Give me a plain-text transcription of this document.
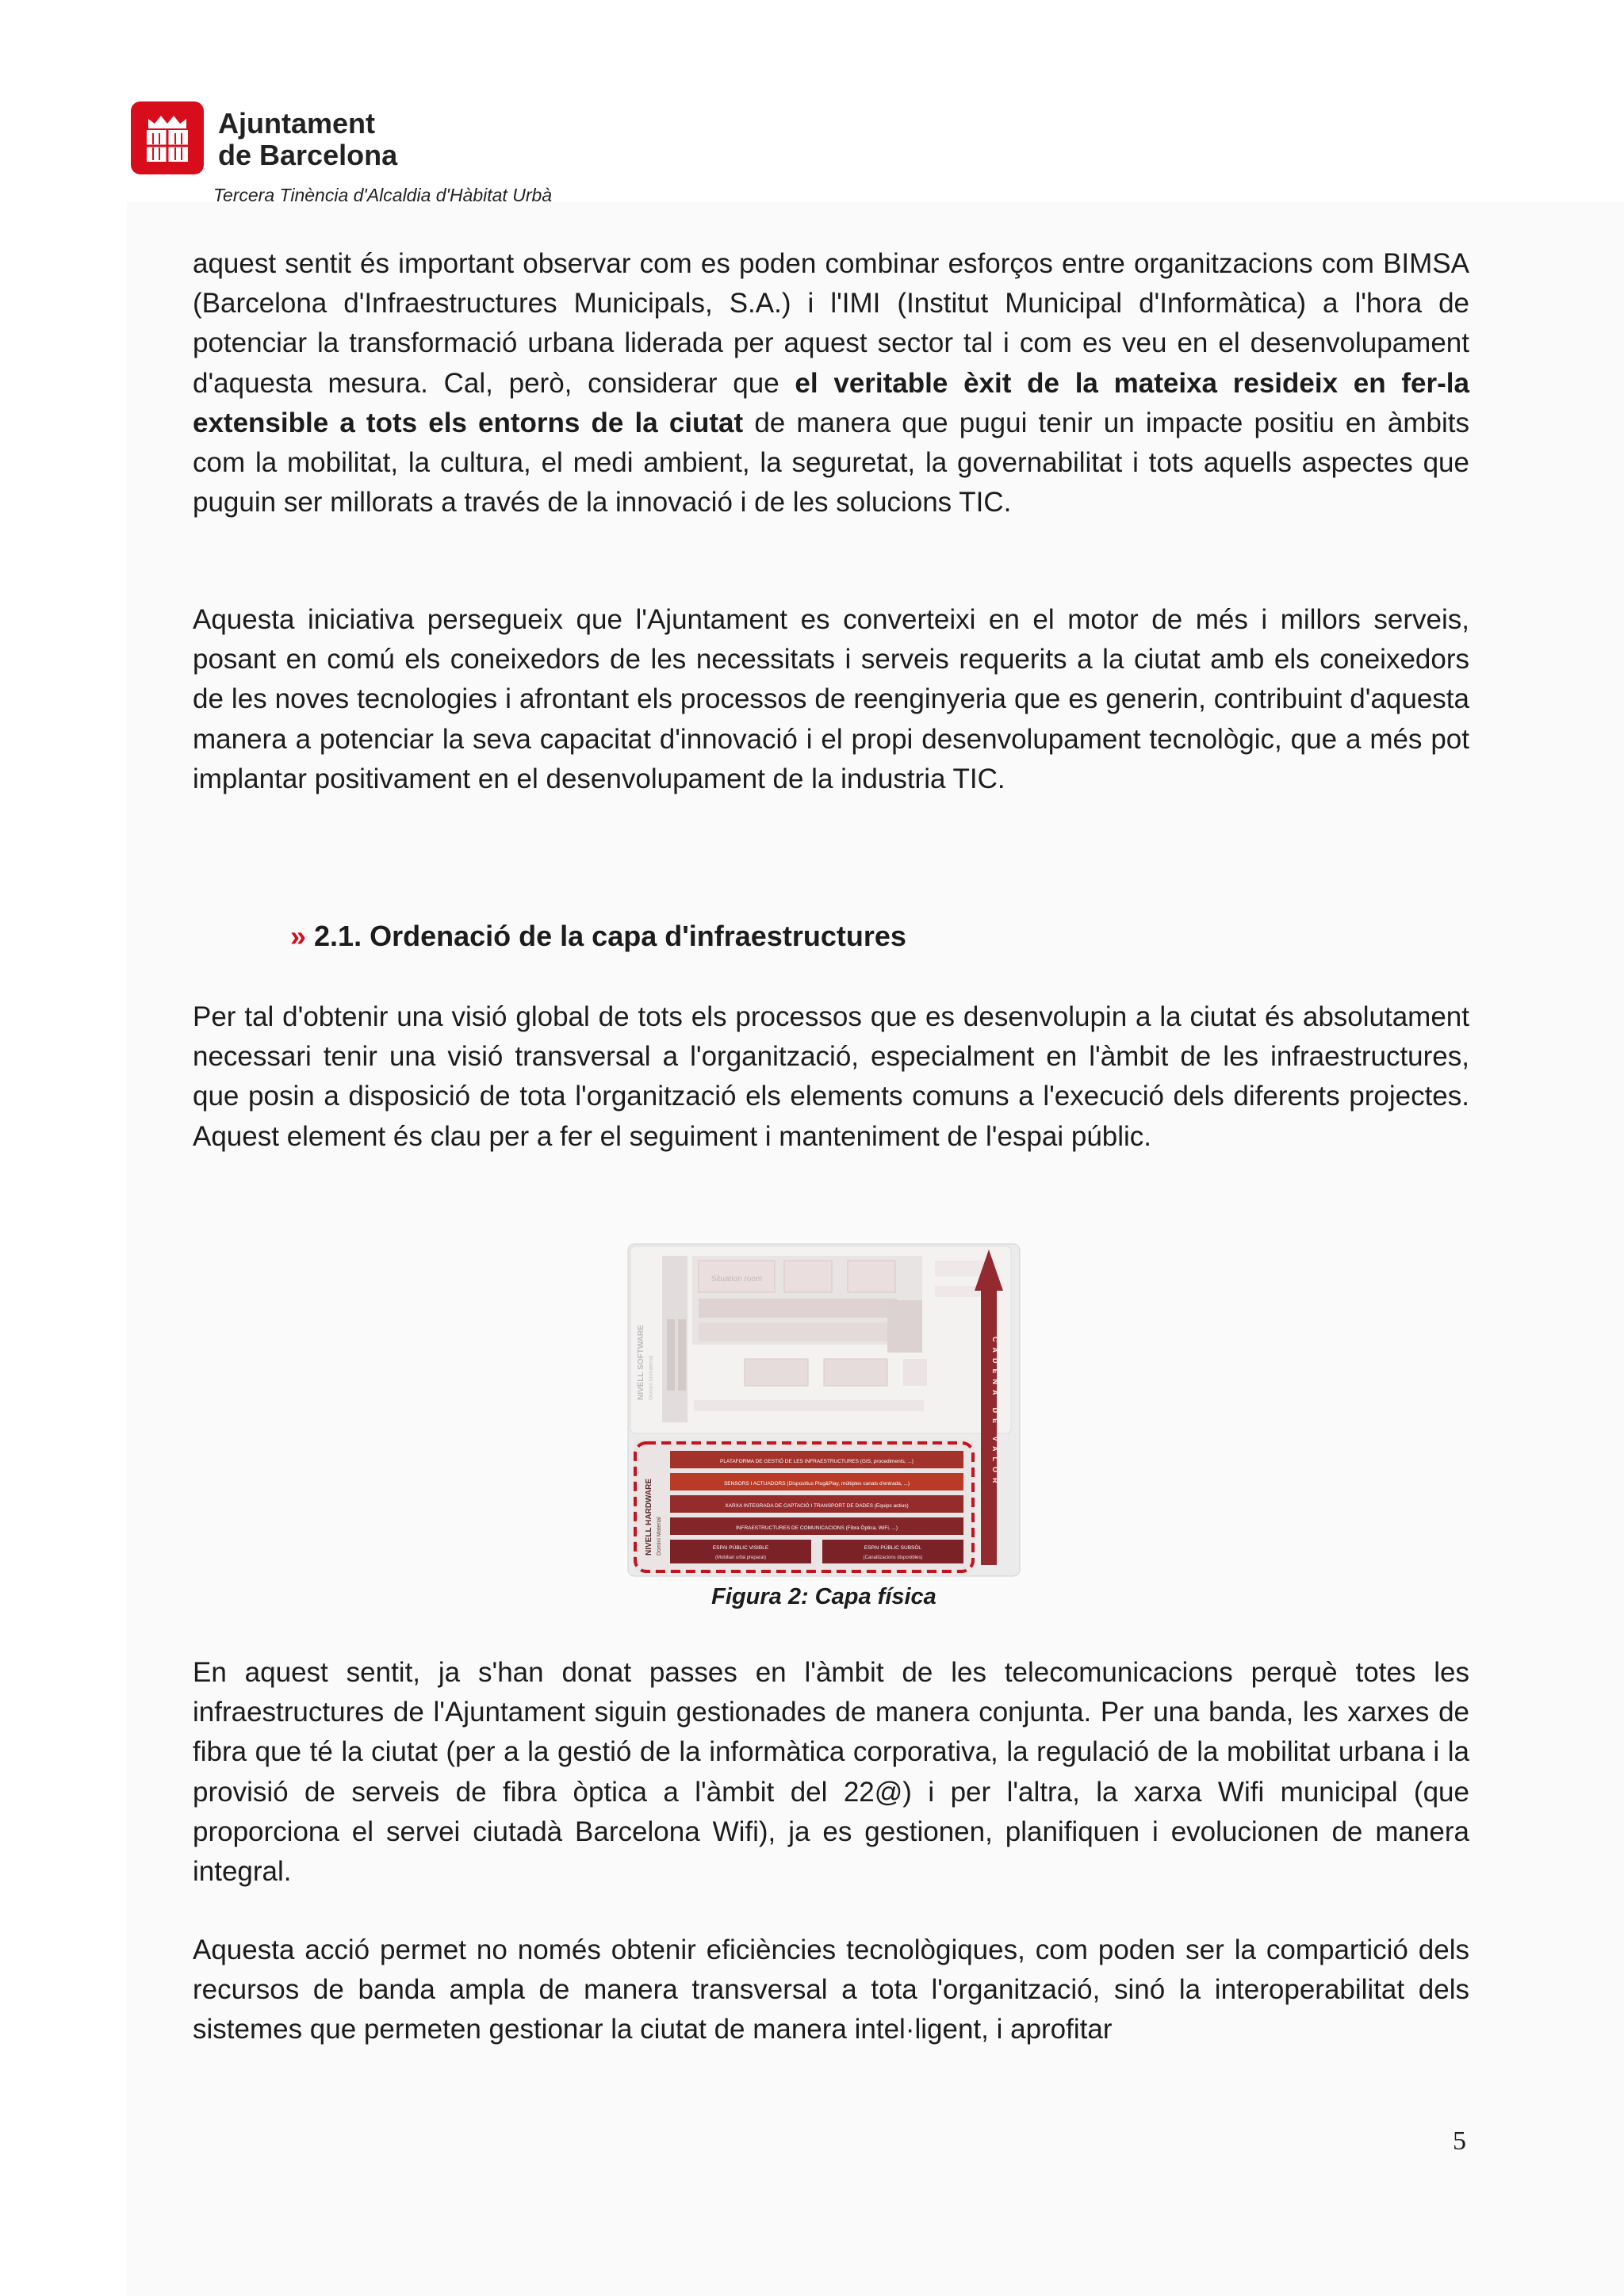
Ajuntament
de Barcelona
Tercera Tinència d'Alcaldia d'Hàbitat Urbà

aquest sentit és important observar com es poden combinar esforços entre organitzacions com BIMSA (Barcelona d'Infraestructures Municipals, S.A.) i l'IMI (Institut Municipal d'Informàtica) a l'hora de potenciar la transformació urbana liderada per aquest sector tal i com es veu en el desenvolupament d'aquesta mesura. Cal, però, considerar que el veritable èxit de la mateixa resideix en fer-la extensible a tots els entorns de la ciutat de manera que pugui tenir un impacte positiu en àmbits com la mobilitat, la cultura, el medi ambient, la seguretat, la governabilitat i tots aquells aspectes que puguin ser millorats a través de la innovació i de les solucions TIC.

Aquesta iniciativa persegueix que l'Ajuntament es converteixi en el motor de més i millors serveis, posant en comú els coneixedors de les necessitats i serveis requerits a la ciutat amb els coneixedors de les noves tecnologies i afrontant els processos de reenginyeria que es generin, contribuint d'aquesta manera a potenciar la seva capacitat d'innovació i el propi desenvolupament tecnològic, que a més pot implantar positivament en el desenvolupament de la industria TIC.

» 2.1. Ordenació de la capa d'infraestructures

Per tal d'obtenir una visió global de tots els processos que es desenvolupin a la ciutat és absolutament necessari tenir una visió transversal a l'organització, especialment en l'àmbit de les infraestructures, que posin a disposició de tota l'organització els elements comuns a l'execució dels diferents projectes. Aquest element és clau per a fer el seguiment i manteniment de l'espai públic.

NIVELL SOFTWARE Domini Immaterial
Situation room
CADENA DE VALOR
NIVELL HARDWARE Domini Material
PLATAFORMA DE GESTIÓ DE LES INFRAESTRUCTURES (GIS, procediments, ...)
SENSORS I ACTUADORS (Dispositius Plug&Play, múltiples canals d'entrada, ...)
XARXA INTEGRADA DE CAPTACIÓ I TRANSPORT DE DADES (Equips actius)
INFRAESTRUCTURES DE COMUNICACIONS (Fibra Òptica, WiFi, ...)
ESPAI PÚBLIC VISIBLE
(Mobiliari urbà preparat)
ESPAI PÚBLIC SUBSÒL
(Canalitzacions disponibles)
Figura 2: Capa física

En aquest sentit, ja s'han donat passes en l'àmbit de les telecomunicacions perquè totes les infraestructures de l'Ajuntament siguin gestionades de manera conjunta. Per una banda, les xarxes de fibra que té la ciutat (per a la gestió de la informàtica corporativa, la regulació de la mobilitat urbana i la provisió de serveis de fibra òptica a l'àmbit del 22@) i per l'altra, la xarxa Wifi municipal (que proporciona el servei ciutadà Barcelona Wifi), ja es gestionen, planifiquen i evolucionen de manera integral.

Aquesta acció permet no només obtenir eficiències tecnològiques, com poden ser la compartició dels recursos de banda ampla de manera transversal a tota l'organització, sinó la interoperabilitat dels sistemes que permeten gestionar la ciutat de manera intel·ligent, i aprofitar

5
